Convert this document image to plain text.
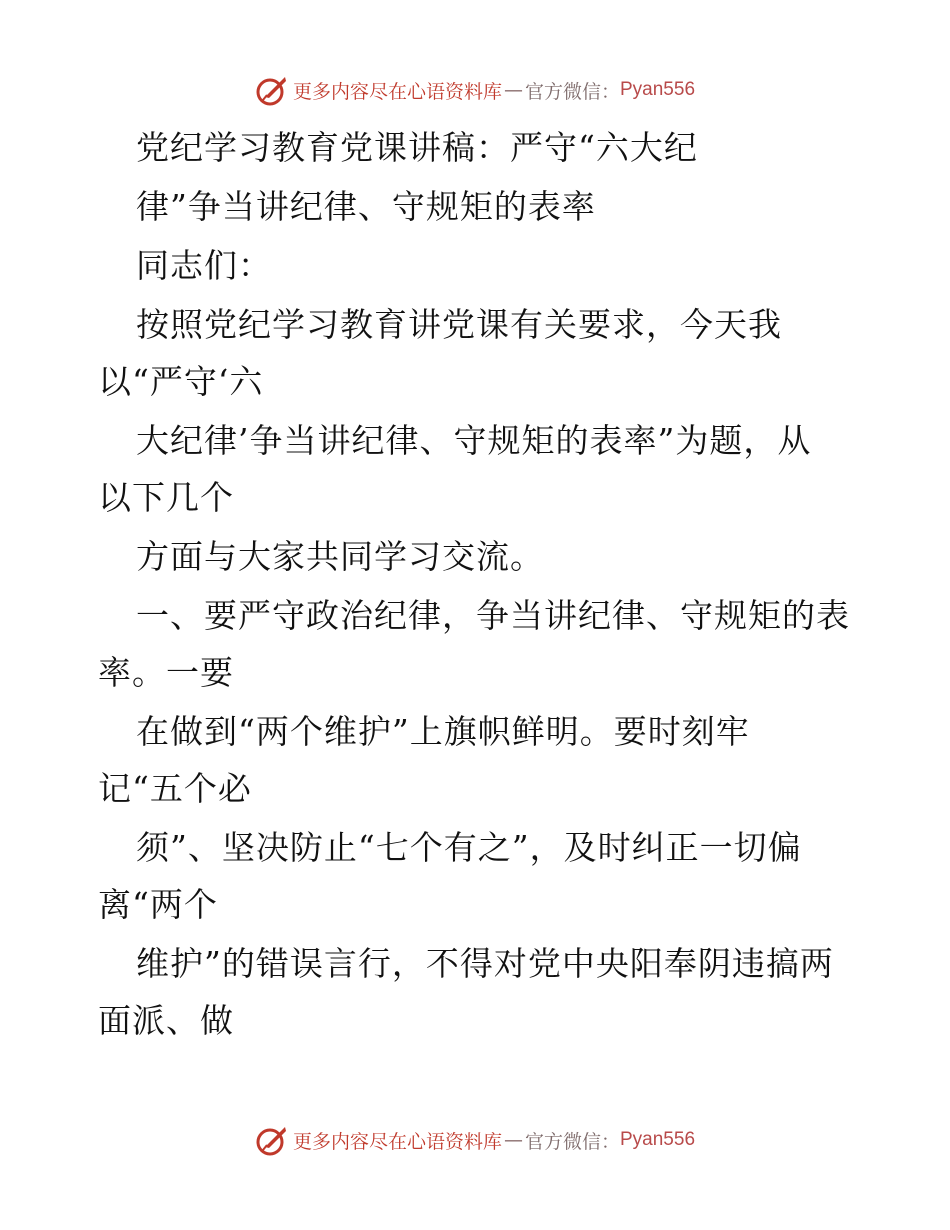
更多内容尽在心语资料库 — 官方微信： Pyan556
党纪学习教育党课讲稿：严守“六大纪
律”争当讲纪律、守规矩的表率
同志们：
按照党纪学习教育讲党课有关要求，今天我
以“严守‘六
大纪律’争当讲纪律、守规矩的表率”为题，从
以下几个
方面与大家共同学习交流。
一、要严守政治纪律，争当讲纪律、守规矩的表
率。一要
在做到“两个维护”上旗帜鲜明。要时刻牢
记“五个必
须”、坚决防止“七个有之”，及时纠正一切偏
离“两个
维护”的错误言行，不得对党中央阳奉阴违搞两
面派、做
更多内容尽在心语资料库 — 官方微信： Pyan556
